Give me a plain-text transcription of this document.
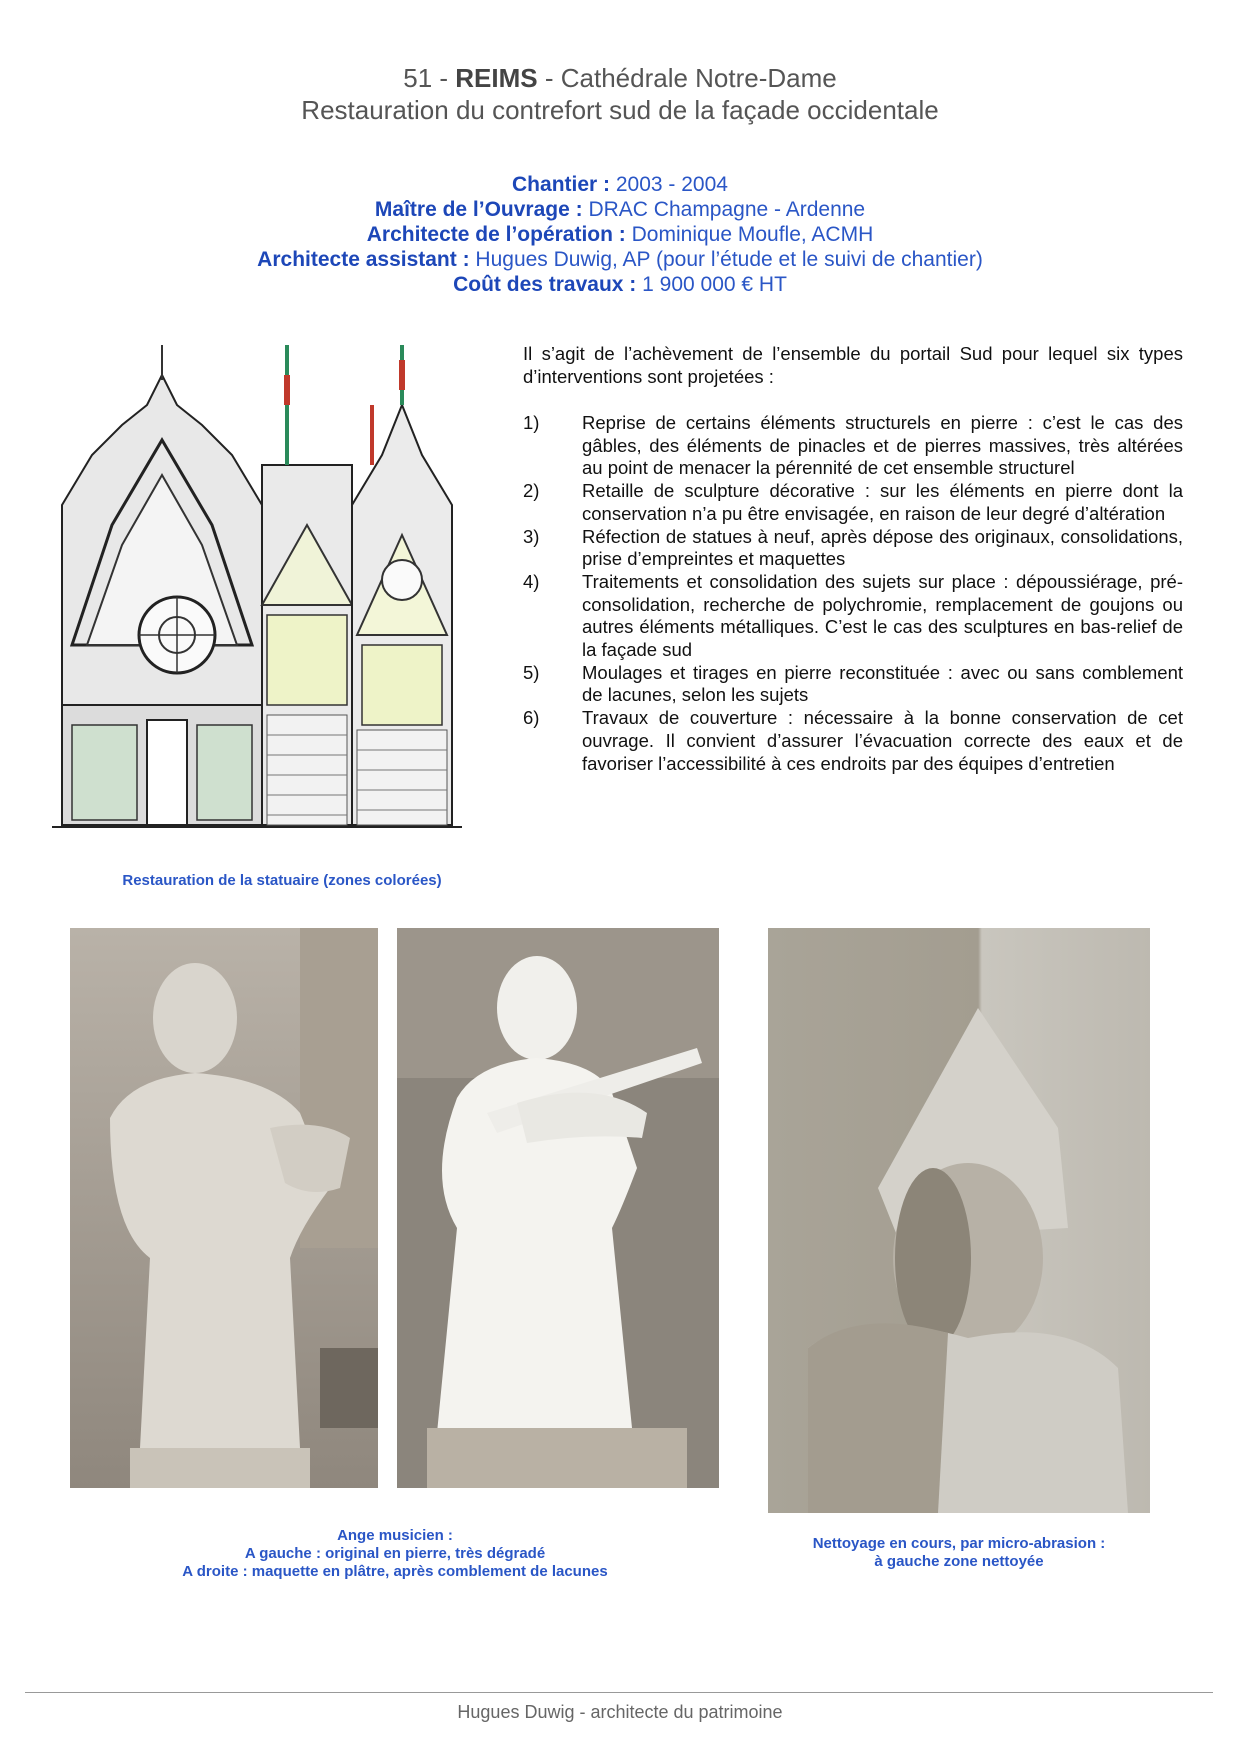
51 - REIMS - Cathédrale Notre-Dame
Restauration du contrefort sud de la façade occidentale
Chantier : 2003 - 2004
Maître de l’Ouvrage : DRAC Champagne - Ardenne
Architecte de l’opération : Dominique Moufle, ACMH
Architecte assistant : Hugues Duwig, AP (pour l’étude et le suivi de chantier)
Coût des travaux : 1 900 000 € HT
Restauration de la statuaire (zones colorées)
Il s’agit de l’achèvement de l’ensemble du portail Sud pour lequel six types d’interventions sont projetées :
1)	Reprise de certains éléments structurels en pierre : c’est le cas des gâbles, des éléments de pinacles et de pierres massives, très altérées au point de menacer la pérennité de cet ensemble structurel
2)	Retaille de sculpture décorative : sur les éléments en pierre dont la conservation n’a pu être envisagée, en raison de leur degré d’altération
3)	Réfection de statues à neuf, après dépose des originaux, consolidations, prise d’empreintes et maquettes
4)	Traitements et consolidation des sujets sur place : dépoussiérage, pré-consolidation, recherche de polychromie, remplacement de goujons ou autres éléments métalliques. C’est le cas des sculptures en bas-relief de la façade sud
5)	Moulages et tirages en pierre reconstituée : avec ou sans comblement de lacunes, selon les sujets
6)	Travaux de couverture : nécessaire à la bonne conservation de cet ouvrage. Il convient d’assurer l’évacuation correcte des eaux et de favoriser l’accessibilité à ces endroits par des équipes d’entretien
Ange musicien :
A gauche : original en pierre, très dégradé
A droite : maquette en plâtre, après comblement de lacunes
Nettoyage en cours, par micro-abrasion :
à gauche zone nettoyée
Hugues Duwig - architecte du patrimoine
